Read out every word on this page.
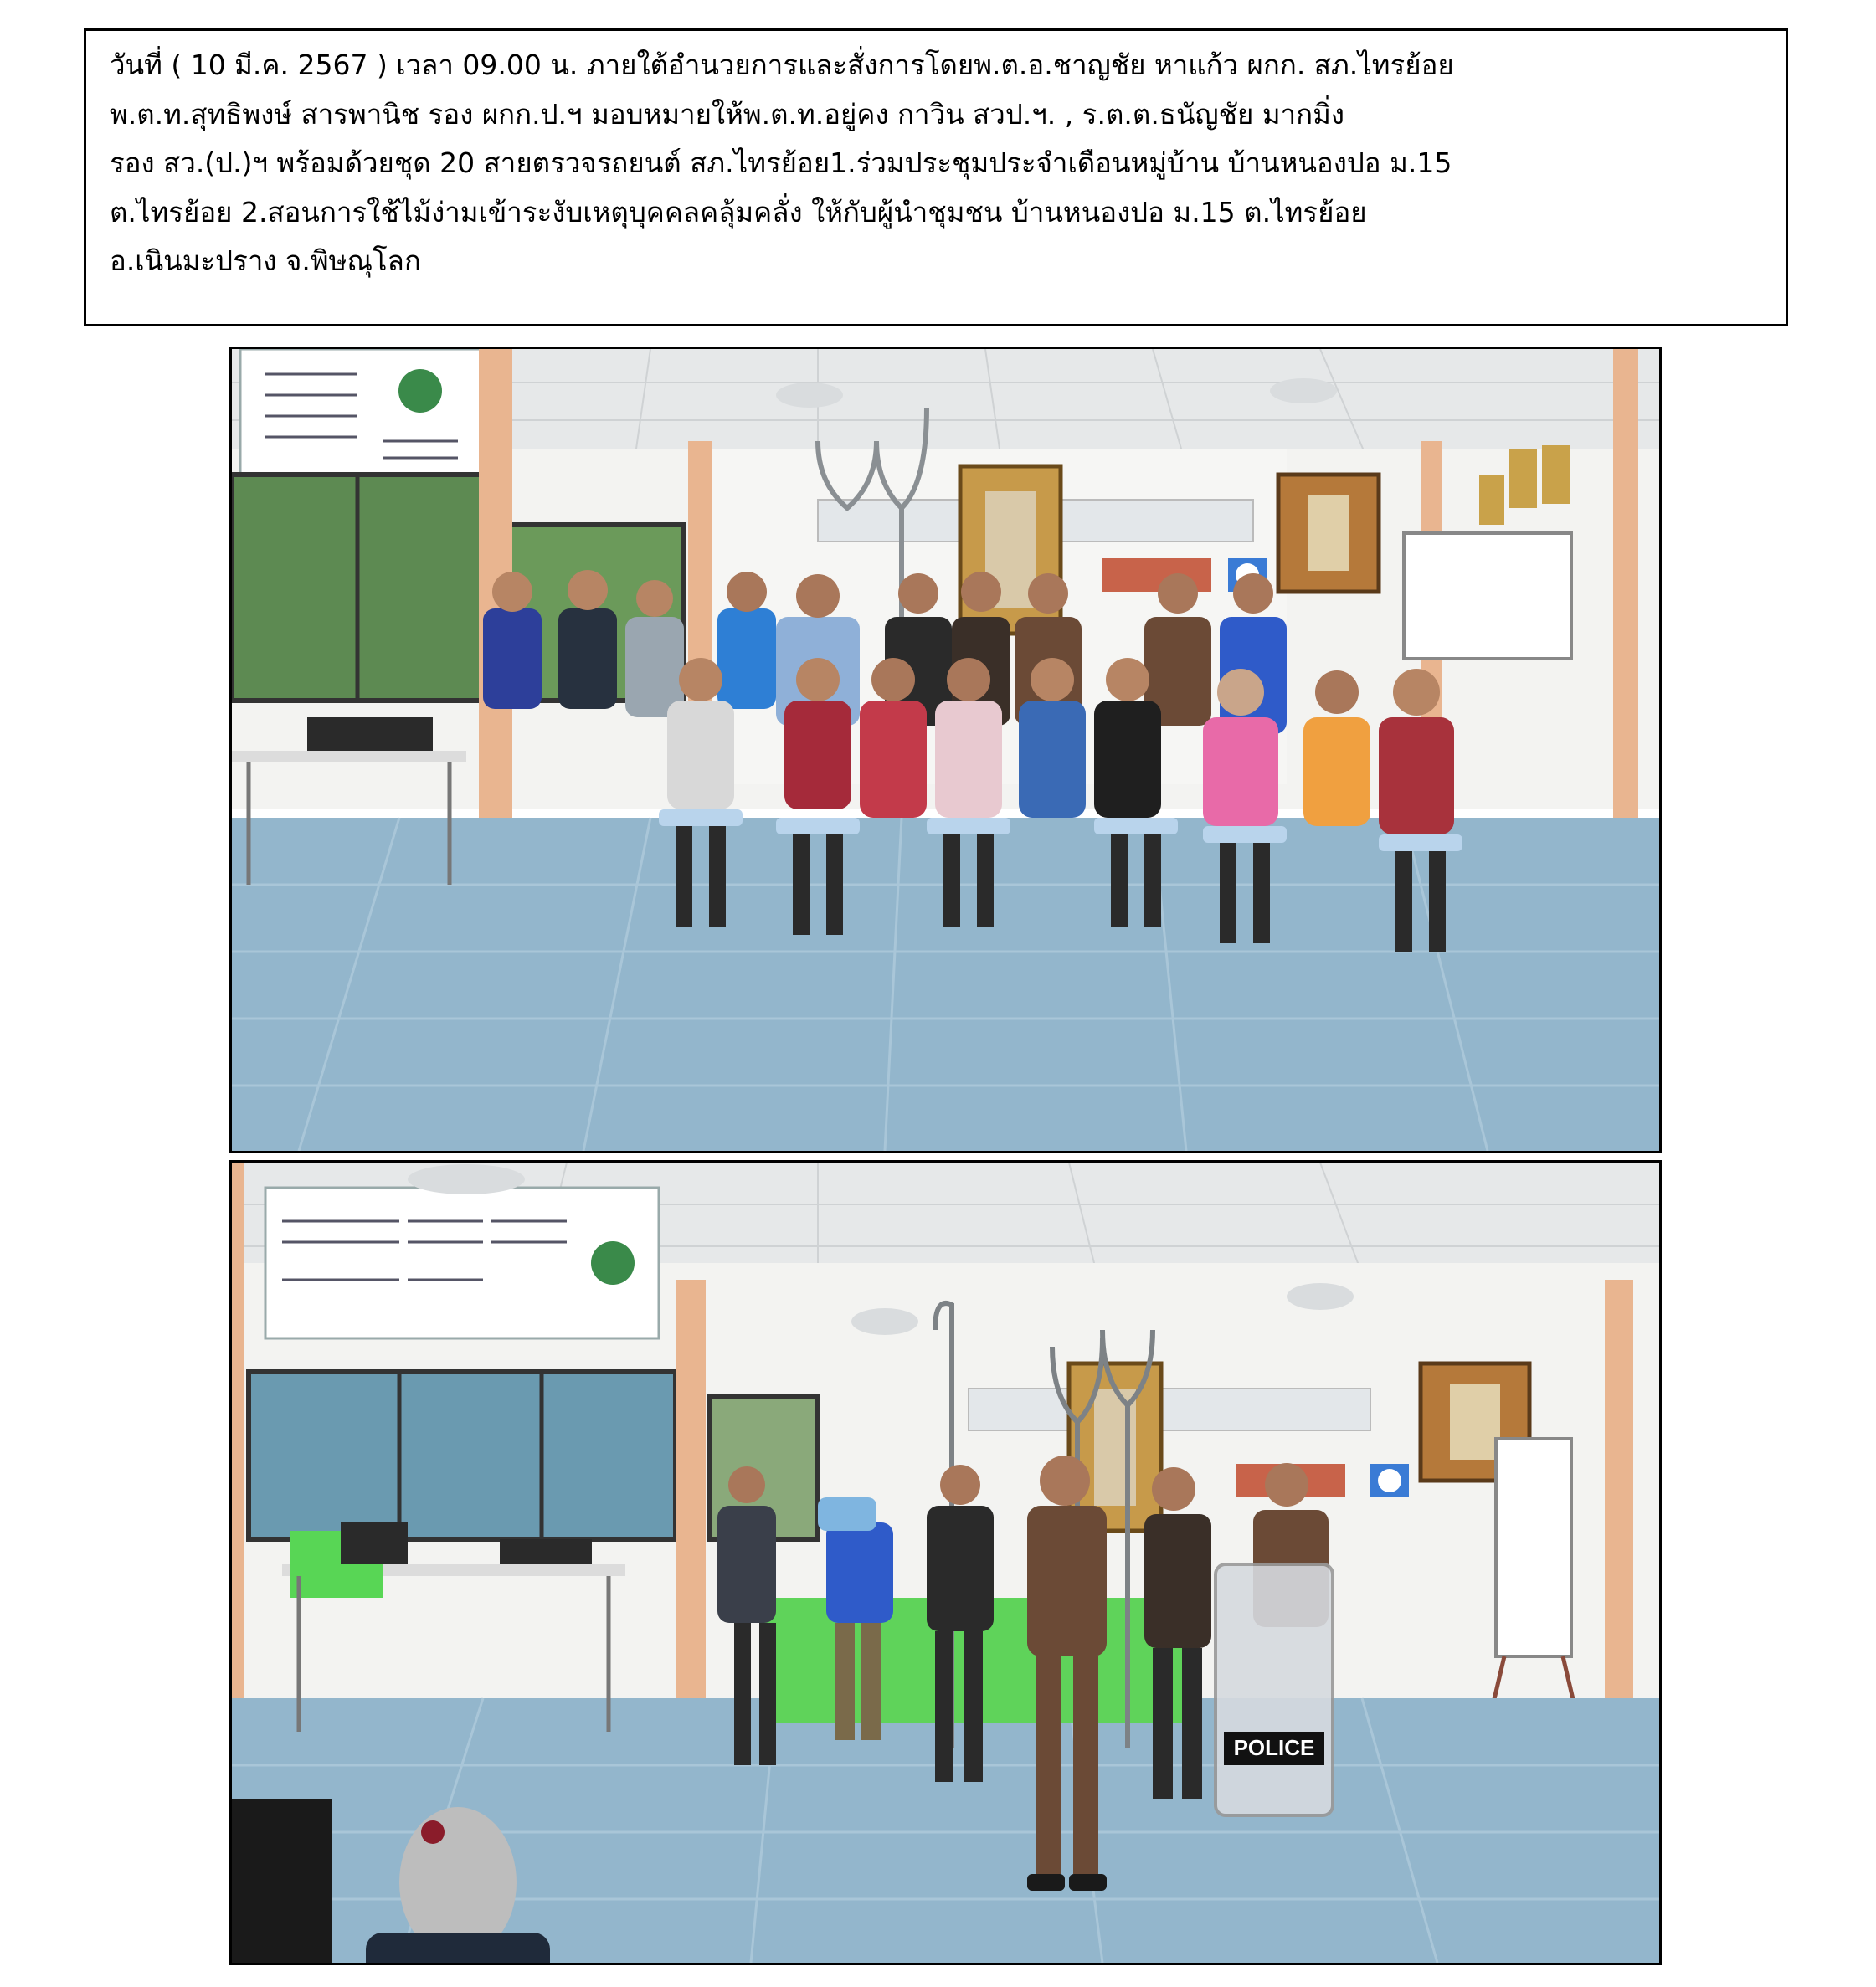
วันที่ ( 10 มี.ค. 2567 ) เวลา 09.00 น. ภายใต้อำนวยการและสั่งการโดยพ.ต.อ.ชาญชัย หาแก้ว ผกก. สภ.ไทรย้อย
พ.ต.ท.สุทธิพงษ์ สารพานิช รอง ผกก.ป.ฯ มอบหมายให้พ.ต.ท.อยู่คง กาวิน สวป.ฯ. , ร.ต.ต.ธนัญชัย มากมิ่ง
รอง สว.(ป.)ฯ พร้อมด้วยชุด 20 สายตรวจรถยนต์ สภ.ไทรย้อย1.ร่วมประชุมประจำเดือนหมู่บ้าน บ้านหนองปอ ม.15
ต.ไทรย้อย 2.สอนการใช้ไม้ง่ามเข้าระงับเหตุบุคคลคลุ้มคลั่ง ให้กับผู้นำชุมชน บ้านหนองปอ ม.15 ต.ไทรย้อย
อ.เนินมะปราง จ.พิษณุโลก
POLICE
